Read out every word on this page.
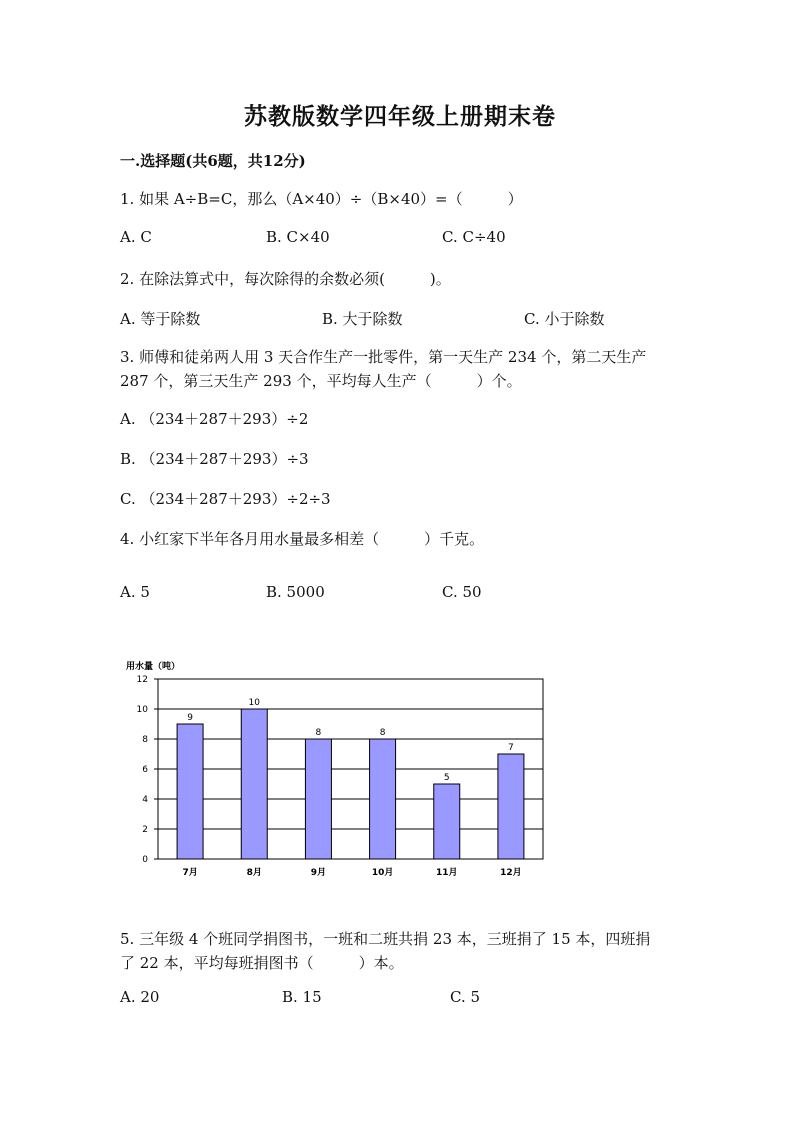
苏教版数学四年级上册期末卷
一.选择题(共6题，共12分)
1. 如果 A÷B=C，那么（A×40）÷（B×40）=（　　　）
A. C	B. C×40	C. C÷40
2. 在除法算式中，每次除得的余数必须(　　　)。
A. 等于除数	B. 大于除数	C. 小于除数
3. 师傅和徒弟两人用 3 天合作生产一批零件，第一天生产 234 个，第二天生产
287 个，第三天生产 293 个，平均每人生产（　　　）个。
A. （234＋287＋293）÷2
B. （234＋287＋293）÷3
C. （234＋287＋293）÷2÷3
4. 小红家下半年各月用水量最多相差（　　　）千克。
A. 5	B. 5000	C. 50
用水量（吨）
0
2
4
6
8
10
12
9
7月
10
8月
8
9月
8
10月
5
11月
7
12月
5. 三年级 4 个班同学捐图书，一班和二班共捐 23 本，三班捐了 15 本，四班捐
了 22 本，平均每班捐图书（　　　）本。
A. 20	B. 15	C. 5
